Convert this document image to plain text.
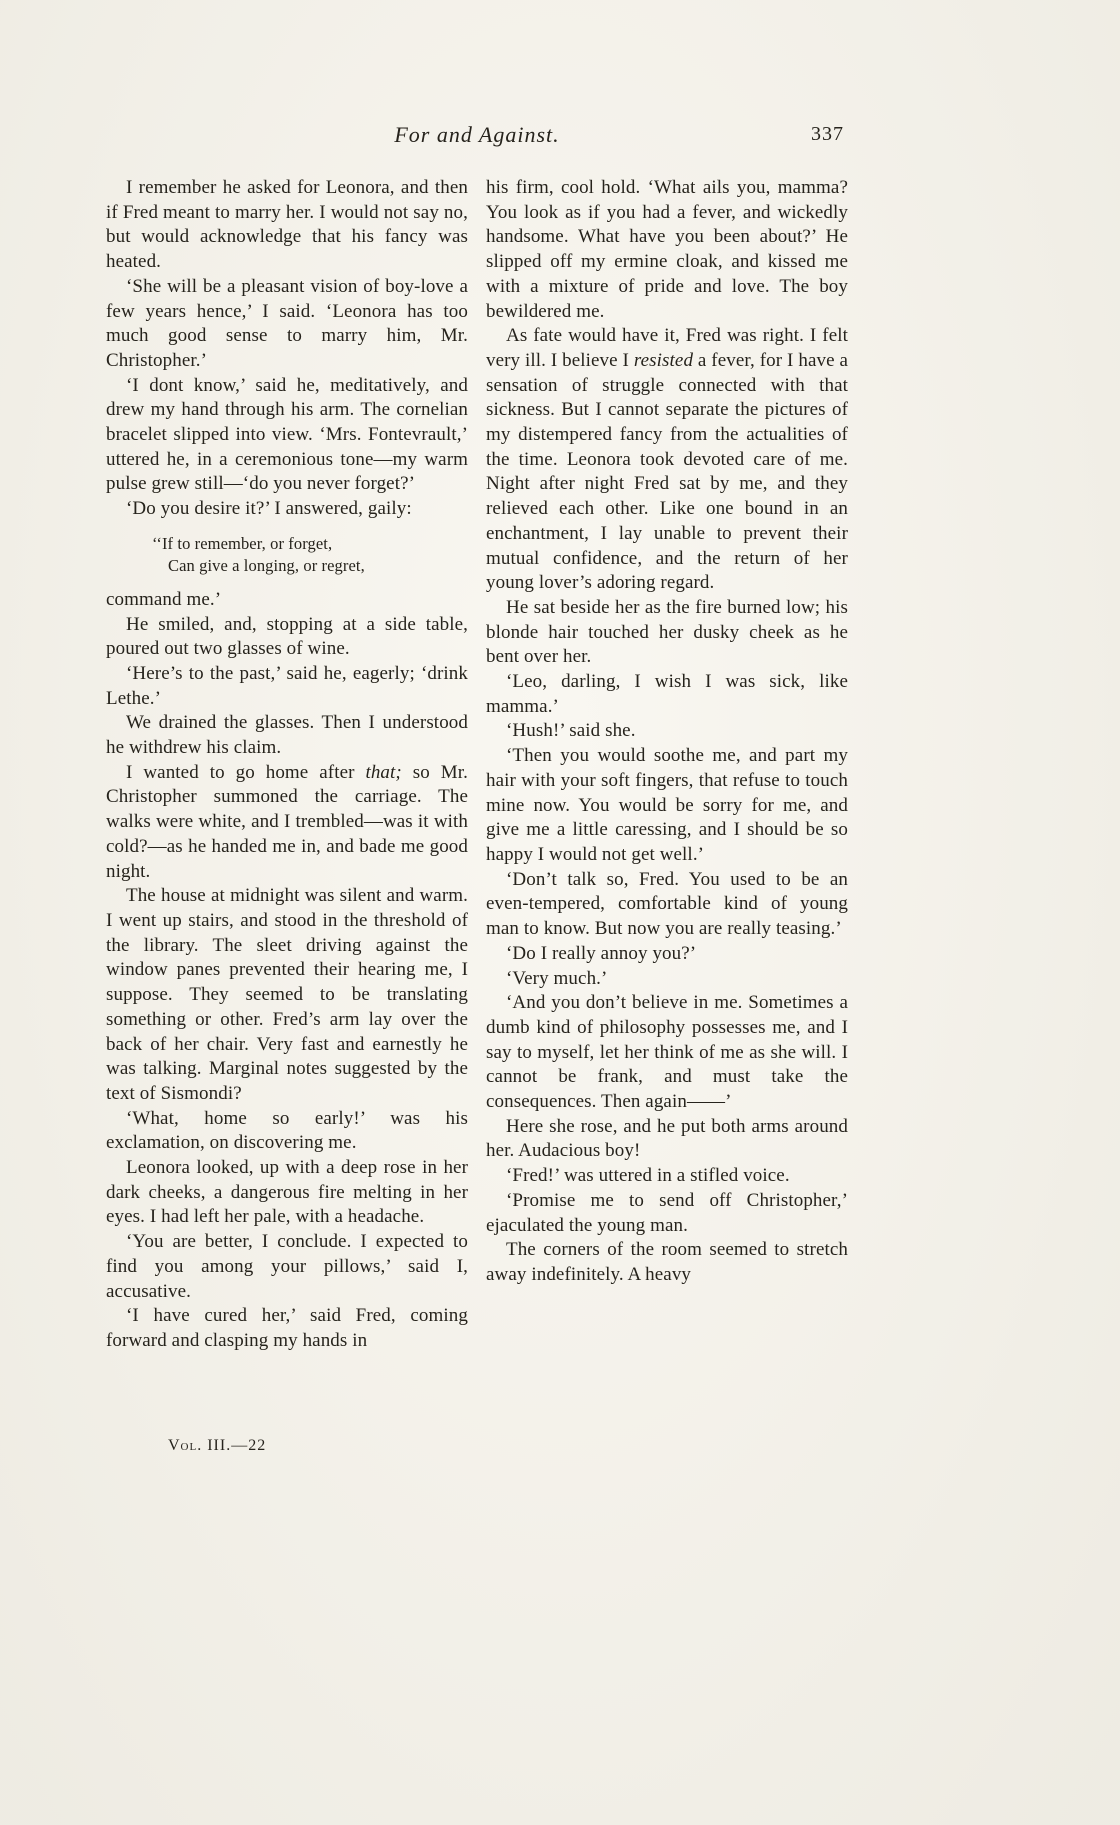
For and Against.	337

I remember he asked for Leonora, and then if Fred meant to marry her. I would not say no, but would acknowledge that his fancy was heated.

‘She will be a pleasant vision of boy-love a few years hence,’ I said. ‘Leonora has too much good sense to marry him, Mr. Christopher.’

‘I dont know,’ said he, meditatively, and drew my hand through his arm. The cornelian bracelet slipped into view. ‘Mrs. Fontevrault,’ uttered he, in a ceremonious tone—my warm pulse grew still—‘do you never forget?’

‘Do you desire it?’ I answered, gaily:

‘‘If to remember, or forget,
Can give a longing, or regret,

command me.’

He smiled, and, stopping at a side table, poured out two glasses of wine.

‘Here’s to the past,’ said he, eagerly; ‘drink Lethe.’

We drained the glasses. Then I understood he withdrew his claim.

I wanted to go home after that; so Mr. Christopher summoned the carriage. The walks were white, and I trembled—was it with cold?—as he handed me in, and bade me good night.

The house at midnight was silent and warm. I went up stairs, and stood in the threshold of the library. The sleet driving against the window panes prevented their hearing me, I suppose. They seemed to be translating something or other. Fred’s arm lay over the back of her chair. Very fast and earnestly he was talking. Marginal notes suggested by the text of Sismondi?

‘What, home so early!’ was his exclamation, on discovering me.

Leonora looked, up with a deep rose in her dark cheeks, a dangerous fire melting in her eyes. I had left her pale, with a headache.

‘You are better, I conclude. I expected to find you among your pillows,’ said I, accusative.

‘I have cured her,’ said Fred, coming forward and clasping my hands in

his firm, cool hold. ‘What ails you, mamma? You look as if you had a fever, and wickedly handsome. What have you been about?’ He slipped off my ermine cloak, and kissed me with a mixture of pride and love. The boy bewildered me.

As fate would have it, Fred was right. I felt very ill. I believe I resisted a fever, for I have a sensation of struggle connected with that sickness. But I cannot separate the pictures of my distempered fancy from the actualities of the time. Leonora took devoted care of me. Night after night Fred sat by me, and they relieved each other. Like one bound in an enchantment, I lay unable to prevent their mutual confidence, and the return of her young lover’s adoring regard.

He sat beside her as the fire burned low; his blonde hair touched her dusky cheek as he bent over her.

‘Leo, darling, I wish I was sick, like mamma.’

‘Hush!’ said she.

‘Then you would soothe me, and part my hair with your soft fingers, that refuse to touch mine now. You would be sorry for me, and give me a little caressing, and I should be so happy I would not get well.’

‘Don’t talk so, Fred. You used to be an even-tempered, comfortable kind of young man to know. But now you are really teasing.’

‘Do I really annoy you?’

‘Very much.’

‘And you don’t believe in me. Sometimes a dumb kind of philosophy possesses me, and I say to myself, let her think of me as she will. I cannot be frank, and must take the consequences. Then again——’

Here she rose, and he put both arms around her. Audacious boy!

‘Fred!’ was uttered in a stifled voice.

‘Promise me to send off Christopher,’ ejaculated the young man.

The corners of the room seemed to stretch away indefinitely. A heavy

Vol. III.—22
